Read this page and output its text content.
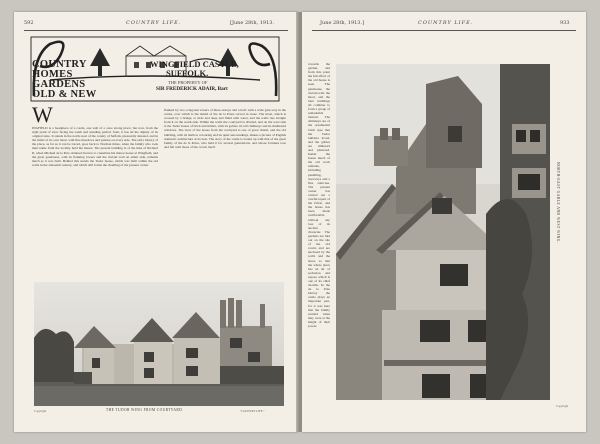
592	COUNTRY LIFE.	[June 28th, 1913.
COUNTRY
HOMES
GARDENS
OLD & NEW
WINGFIELD CASTLE,
SUFFOLK.
THE PROPERTY OF
SIR FREDERICK ADAIR, Bart
W
INGFIELD is a headpiece of a castle, one wall of a once strong place; but now, from the right point of view facing the south and standing perfect front, it has all the dignity of its original state. It stands in the north-west of the county of Suffolk, pleasantly situated, and in the midst of its own moat, with fine meadows and pasture on every side. The early history of the place, as far as it can be traced, goes back to Norman times, when the family who took their name from the locality held the manor. The present building is of the time of Richard II, when Michael de la Pole obtained licence to crenellate his manor house at Wingfield, and the great gatehouse, with its flanking towers and the curtain wall on either side, remains much as it was built. Behind this stands the Tudor house, which was built within the old walls in the sixteenth century, and which still forms the dwelling of the present owner.
flanked by two octagonal towers of three storeys and a half, with a wide gate-way in the centre, over which is the shield of the de la Poles carved in stone. The moat, which is crossed by a bridge, is wide and deep and filled with water, and the walls rise straight from it on the south side. Within the walls the courtyard is divided, and on the west side is the Tudor house of brick and timber, with its gables, its tall chimneys and its mullioned windows. The view of the house from the courtyard is one of great charm, and the old building, with its mellow colouring and its quiet surroundings, makes a picture of English domestic architecture at its best. The story of the castle is bound up with that of the great family of the de la Poles, who held it for several generations, and whose fortunes rose and fell with those of the crown itself.
Copyright	THE TUDOR WING FROM COURTYARD.	"COUNTRY LIFE."
June 28th, 1913.]	COUNTRY LIFE.	933
towards the garden, and from this point the full effect of the old house is seen. The gatehouse, the curtain wall, the moat, and the later buildings all combine to form a group of remarkable interest. The chimneys are of the ornamental brick type that the Tudor builders loved, and the gables are timbered and plastered. Inside the house much of the old work remains, including panelling, doorways and a fine staircase. The present owner has carried out a careful repair of the fabric, and the house has been made comfortable without any loss of its ancient character. The gardens are laid out on the site of the old courts and are enclosed by the walls and the moat, so that the whole place has an air of seclusion and repose which is one of its chief charms. In the de la Pole history the castle plays an important part, for it was here that the family resided when they were at the height of their power.
NORTH-EAST GABLE AND WEST WING.
Copyright
